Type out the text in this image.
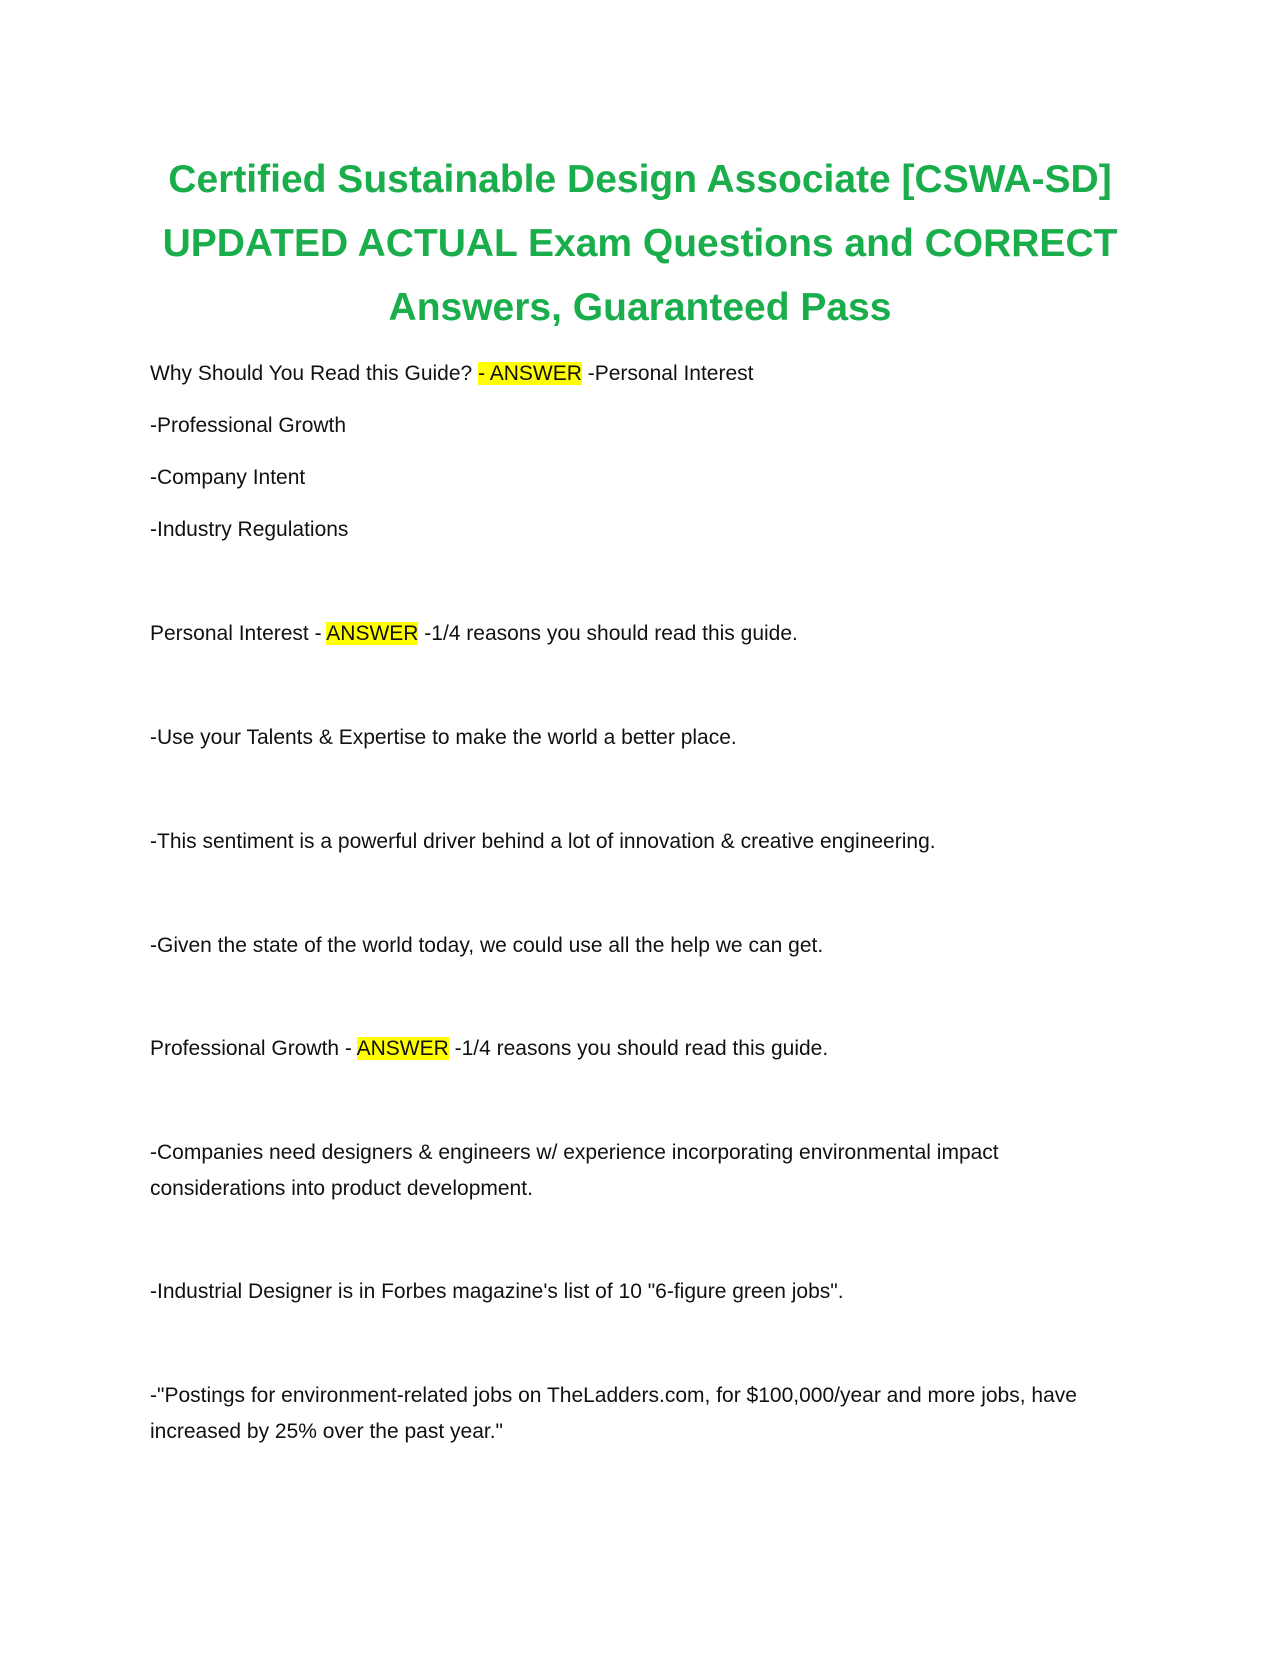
Certified Sustainable Design Associate [CSWA-SD]
UPDATED ACTUAL Exam Questions and CORRECT
Answers, Guaranteed Pass
Why Should You Read this Guide? - ANSWER -Personal Interest
-Professional Growth
-Company Intent
-Industry Regulations
Personal Interest - ANSWER -1/4 reasons you should read this guide.
-Use your Talents & Expertise to make the world a better place.
-This sentiment is a powerful driver behind a lot of innovation & creative engineering.
-Given the state of the world today, we could use all the help we can get.
Professional Growth - ANSWER -1/4 reasons you should read this guide.
-Companies need designers & engineers w/ experience incorporating environmental impact considerations into product development.
-Industrial Designer is in Forbes magazine's list of 10 "6-figure green jobs".
-"Postings for environment-related jobs on TheLadders.com, for $100,000/year and more jobs, have increased by 25% over the past year."
